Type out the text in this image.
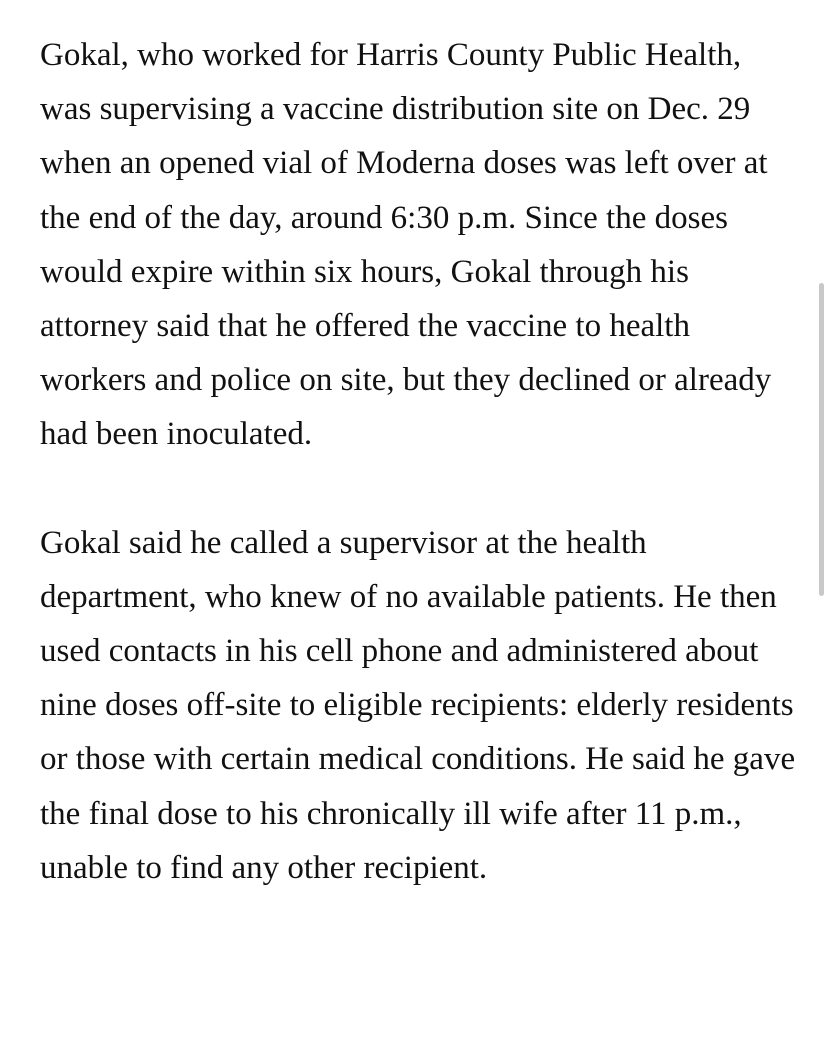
Gokal, who worked for Harris County Public Health, was supervising a vaccine distribution site on Dec. 29 when an opened vial of Moderna doses was left over at the end of the day, around 6:30 p.m. Since the doses would expire within six hours, Gokal through his attorney said that he offered the vaccine to health workers and police on site, but they declined or already had been inoculated.

Gokal said he called a supervisor at the health department, who knew of no available patients. He then used contacts in his cell phone and administered about nine doses off-site to eligible recipients: elderly residents or those with certain medical conditions. He said he gave the final dose to his chronically ill wife after 11 p.m., unable to find any other recipient.
